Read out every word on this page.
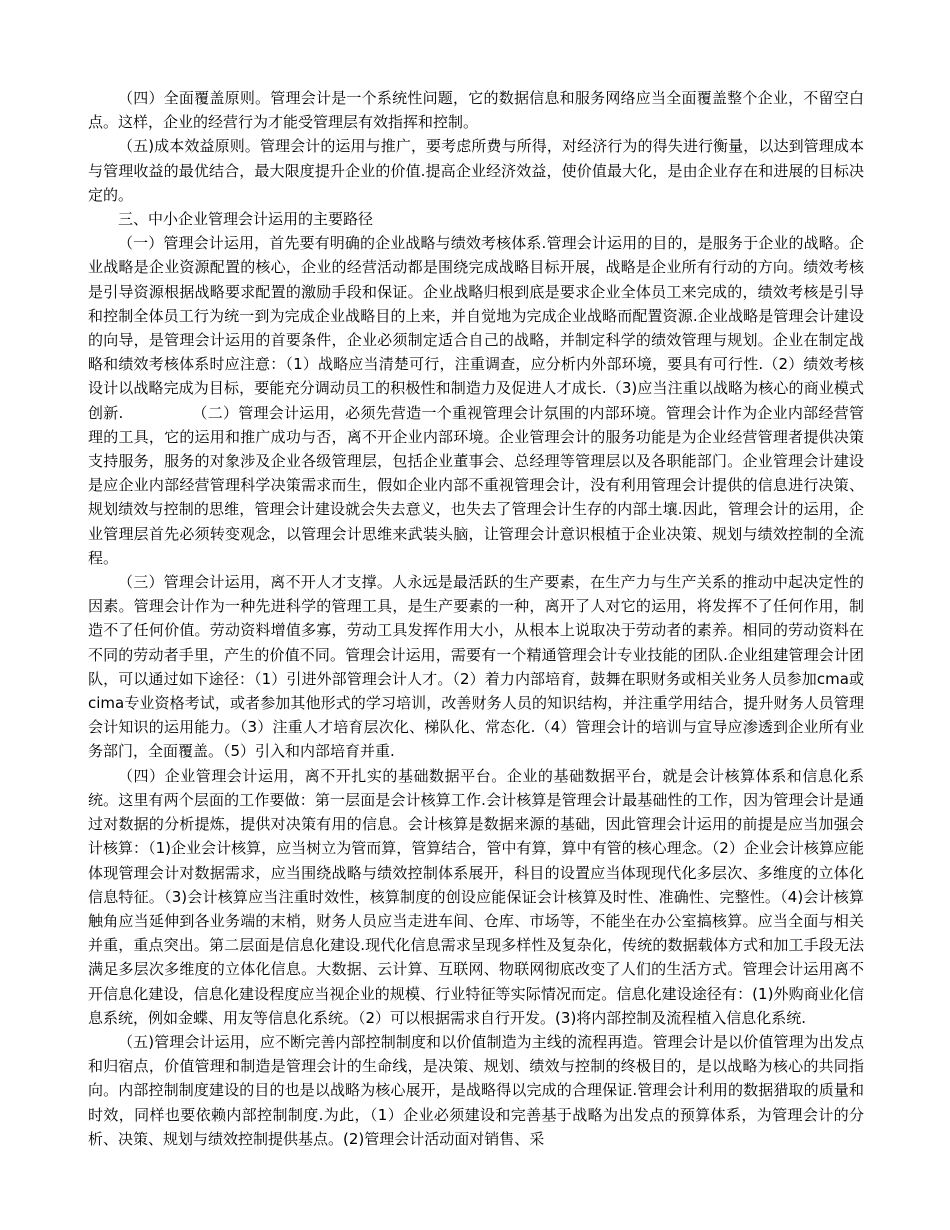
（四）全面覆盖原则。管理会计是一个系统性问题，它的数据信息和服务网络应当全面覆盖整个企业，不留空白点。这样，企业的经营行为才能受管理层有效指挥和控制。

（五)成本效益原则。管理会计的运用与推广，要考虑所费与所得，对经济行为的得失进行衡量，以达到管理成本与管理收益的最优结合，最大限度提升企业的价值.提高企业经济效益，使价值最大化，是由企业存在和进展的目标决定的。

三、中小企业管理会计运用的主要路径

（一）管理会计运用，首先要有明确的企业战略与绩效考核体系.管理会计运用的目的，是服务于企业的战略。企业战略是企业资源配置的核心，企业的经营活动都是围绕完成战略目标开展，战略是企业所有行动的方向。绩效考核是引导资源根据战略要求配置的激励手段和保证。企业战略归根到底是要求企业全体员工来完成的，绩效考核是引导和控制全体员工行为统一到为完成企业战略目的上来，并自觉地为完成企业战略而配置资源.企业战略是管理会计建设的向导，是管理会计运用的首要条件，企业必须制定适合自己的战略，并制定科学的绩效管理与规划。企业在制定战略和绩效考核体系时应注意：（1）战略应当清楚可行，注重调查，应分析内外部环境，要具有可行性.（2）绩效考核设计以战略完成为目标，要能充分调动员工的积极性和制造力及促进人才成长.（3)应当注重以战略为核心的商业模式创新.　　　　　（二）管理会计运用，必须先营造一个重视管理会计氛围的内部环境。管理会计作为企业内部经营管理的工具，它的运用和推广成功与否，离不开企业内部环境。企业管理会计的服务功能是为企业经营管理者提供决策支持服务，服务的对象涉及企业各级管理层，包括企业董事会、总经理等管理层以及各职能部门。企业管理会计建设是应企业内部经营管理科学决策需求而生，假如企业内部不重视管理会计，没有利用管理会计提供的信息进行决策、规划绩效与控制的思维，管理会计建设就会失去意义，也失去了管理会计生存的内部土壤.因此，管理会计的运用，企业管理层首先必须转变观念，以管理会计思维来武装头脑，让管理会计意识根植于企业决策、规划与绩效控制的全流程。

（三）管理会计运用，离不开人才支撑。人永远是最活跃的生产要素，在生产力与生产关系的推动中起决定性的因素。管理会计作为一种先进科学的管理工具，是生产要素的一种，离开了人对它的运用，将发挥不了任何作用，制造不了任何价值。劳动资料增值多寡，劳动工具发挥作用大小，从根本上说取决于劳动者的素养。相同的劳动资料在不同的劳动者手里，产生的价值不同。管理会计运用，需要有一个精通管理会计专业技能的团队.企业组建管理会计团队，可以通过如下途径：（1）引进外部管理会计人才。（2）着力内部培育，鼓舞在职财务或相关业务人员参加cma或cima专业资格考试，或者参加其他形式的学习培训，改善财务人员的知识结构，并注重学用结合，提升财务人员管理会计知识的运用能力。（3）注重人才培育层次化、梯队化、常态化.（4）管理会计的培训与宣导应渗透到企业所有业务部门，全面覆盖。（5）引入和内部培育并重.

（四）企业管理会计运用，离不开扎实的基础数据平台。企业的基础数据平台，就是会计核算体系和信息化系统。这里有两个层面的工作要做：第一层面是会计核算工作.会计核算是管理会计最基础性的工作，因为管理会计是通过对数据的分析提炼，提供对决策有用的信息。会计核算是数据来源的基础，因此管理会计运用的前提是应当加强会计核算：（1)企业会计核算，应当树立为管而算，管算结合，管中有算，算中有管的核心理念。（2）企业会计核算应能体现管理会计对数据需求，应当围绕战略与绩效控制体系展开，科目的设置应当体现现代化多层次、多维度的立体化信息特征。（3)会计核算应当注重时效性，核算制度的创设应能保证会计核算及时性、准确性、完整性。（4)会计核算触角应当延伸到各业务端的末梢，财务人员应当走进车间、仓库、市场等，不能坐在办公室搞核算。应当全面与相关并重，重点突出。第二层面是信息化建设.现代化信息需求呈现多样性及复杂化，传统的数据载体方式和加工手段无法满足多层次多维度的立体化信息。大数据、云计算、互联网、物联网彻底改变了人们的生活方式。管理会计运用离不开信息化建设，信息化建设程度应当视企业的规模、行业特征等实际情况而定。信息化建设途径有：(1)外购商业化信息系统，例如金蝶、用友等信息化系统。（2）可以根据需求自行开发。(3)将内部控制及流程植入信息化系统.

（五)管理会计运用，应不断完善内部控制制度和以价值制造为主线的流程再造。管理会计是以价值管理为出发点和归宿点，价值管理和制造是管理会计的生命线，是决策、规划、绩效与控制的终极目的，是以战略为核心的共同指向。内部控制制度建设的目的也是以战略为核心展开，是战略得以完成的合理保证.管理会计利用的数据猎取的质量和时效，同样也要依赖内部控制制度.为此，（1）企业必须建设和完善基于战略为出发点的预算体系，为管理会计的分析、决策、规划与绩效控制提供基点。(2)管理会计活动面对销售、采
